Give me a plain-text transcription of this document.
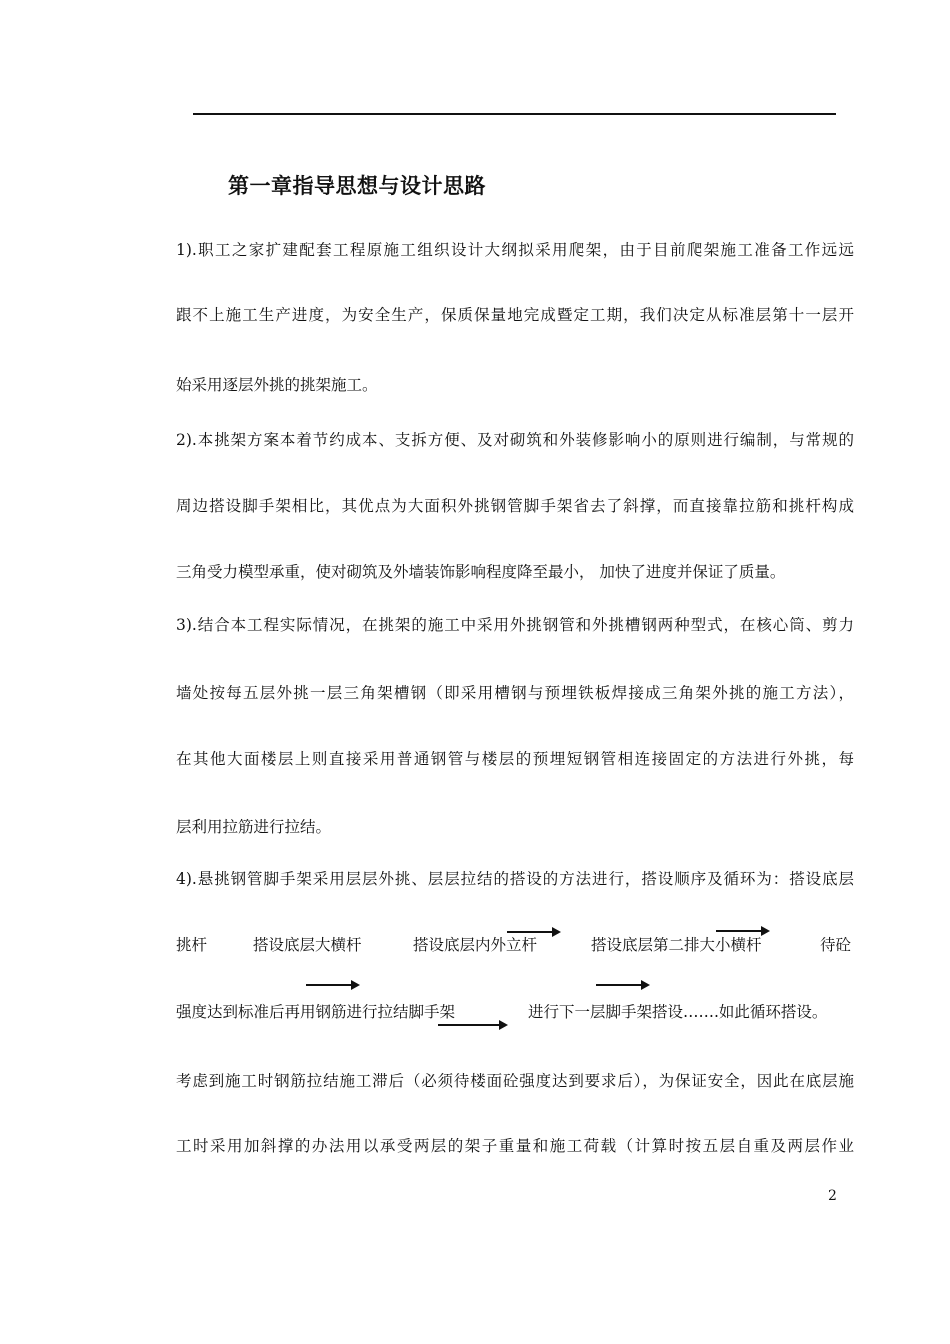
第一章指导思想与设计思路
1).职工之家扩建配套工程原施工组织设计大纲拟采用爬架，由于目前爬架施工准备工作远远
跟不上施工生产进度，为安全生产，保质保量地完成暨定工期，我们决定从标准层第十一层开
始采用逐层外挑的挑架施工。
2).本挑架方案本着节约成本、支拆方便、及对砌筑和外装修影响小的原则进行编制，与常规的
周边搭设脚手架相比，其优点为大面积外挑钢管脚手架省去了斜撑，而直接靠拉筋和挑杆构成
三角受力模型承重，使对砌筑及外墙装饰影响程度降至最小， 加快了进度并保证了质量。
3).结合本工程实际情况，在挑架的施工中采用外挑钢管和外挑槽钢两种型式，在核心筒、剪力
墙处按每五层外挑一层三角架槽钢（即采用槽钢与预埋铁板焊接成三角架外挑的施工方法），
在其他大面楼层上则直接采用普通钢管与楼层的预埋短钢管相连接固定的方法进行外挑，每
层利用拉筋进行拉结。
4).悬挑钢管脚手架采用层层外挑、层层拉结的搭设的方法进行，搭设顺序及循环为：搭设底层
挑杆	搭设底层大横杆	搭设底层内外立杆	搭设底层第二排大小横杆	待砼
强度达到标准后再用钢筋进行拉结脚手架	进行下一层脚手架搭设…….如此循环搭设。
考虑到施工时钢筋拉结施工滞后（必须待楼面砼强度达到要求后），为保证安全，因此在底层施
工时采用加斜撑的办法用以承受两层的架子重量和施工荷载（计算时按五层自重及两层作业
2
